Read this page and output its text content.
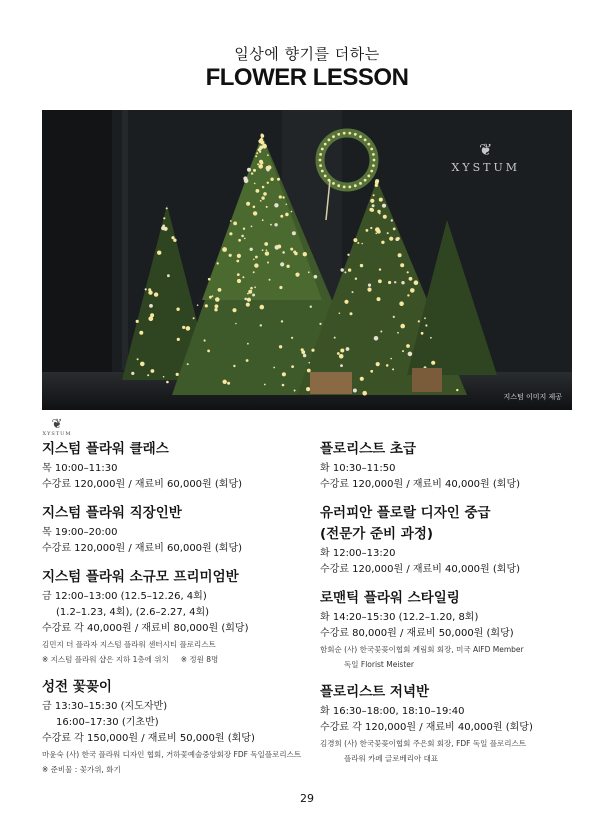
일상에 향기를 더하는
FLOWER LESSON
❦
XYSTUM
지스텀 이미지 제공
❦
XYSTUM
지스텀 플라워 클래스
목 10:00–11:30
수강료 120,000원 / 재료비 60,000원 (회당)
지스텀 플라워 직장인반
목 19:00–20:00
수강료 120,000원 / 재료비 60,000원 (회당)
지스텀 플라워 소규모 프리미엄반
금 12:00–13:00 (12.5–12.26, 4회)
(1.2–1.23, 4회), (2.6–2.27, 4회)
수강료 각 40,000원 / 재료비 80,000원 (회당)
김민지 더 플라자 지스텀 플라워 센터시티 플로리스트
※ 지스텀 플라워 샵은 지하 1층에 위치     ※ 정원 8명
성전 꽃꽂이
금 13:30–15:30 (지도자반)
16:00–17:30 (기초반)
수강료 각 150,000원 / 재료비 50,000원 (회당)
마윤숙 (사) 한국 플라워 디자인 협회, 거하꽃예술중앙회장 FDF 독일플로리스트
※ 준비물 : 꽃가위, 화기
플로리스트 초급
화 10:30–11:50
수강료 120,000원 / 재료비 40,000원 (회당)
유러피안 플로랄 디자인 중급
(전문가 준비 과정)
화 12:00–13:20
수강료 120,000원 / 재료비 40,000원 (회당)
로맨틱 플라워 스타일링
화 14:20–15:30 (12.2–1.20, 8회)
수강료 80,000원 / 재료비 50,000원 (회당)
함회순 (사) 한국꽃꽂이협회 계림회 회장, 미국 AIFD Member
독일 Florist Meister
플로리스트 저녁반
화 16:30–18:00, 18:10–19:40
수강료 각 120,000원 / 재료비 40,000원 (회당)
김경희 (사) 한국꽃꽂이협회 주은회 회장, FDF 독일 플로리스트
플라워 카페 글로베리아 대표
29
